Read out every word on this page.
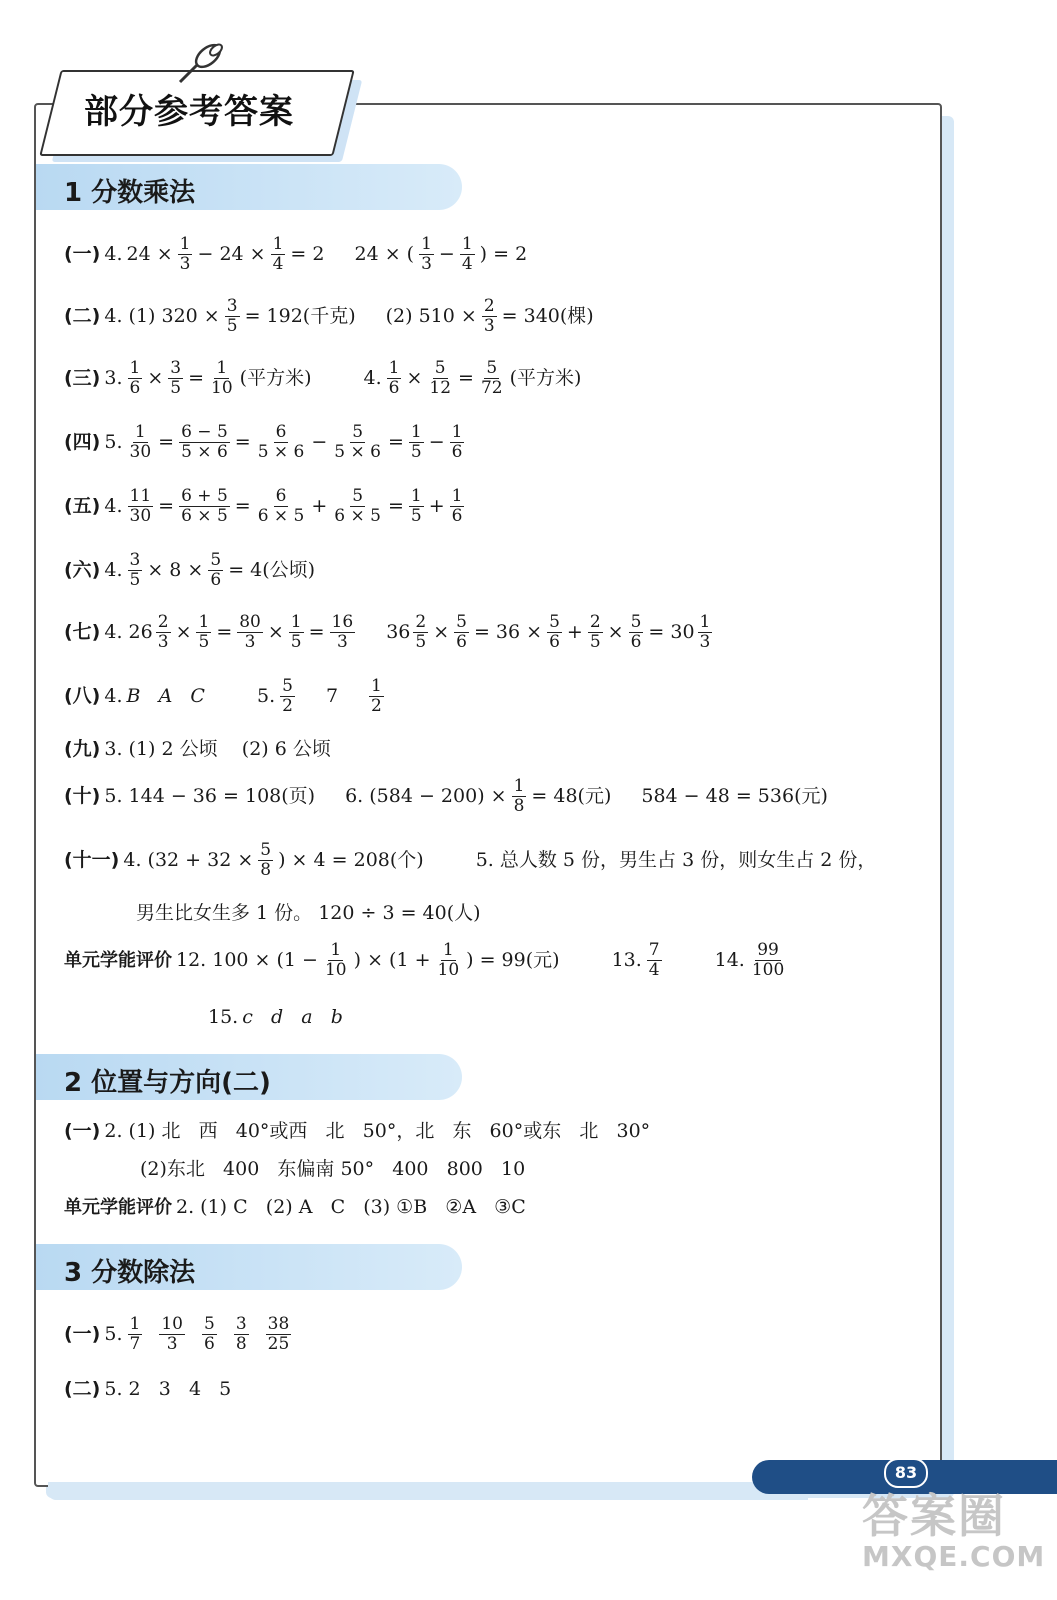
部分参考答案
1 分数乘法
(一) 4. $24 \times \frac{1}{3} - 24 \times \frac{1}{4} = 2$ 24 × ( $\frac{1}{3} - \frac{1}{4}$ ) = 2
(二) 4. (1) $320 \times \frac{3}{5} = 192$(千克) (2) $510 \times \frac{2}{3} = 340$(棵)
(三) 3. $\frac{1}{6} \times \frac{3}{5} = \frac{1}{10}$ (平方米)	4. $\frac{1}{6} \times \frac{5}{12} = \frac{5}{72}$ (平方米)
(四) 5. $\frac{1}{30} = \frac{6 - 5}{5 \times 6} = \frac{6}{5 \times 6} - \frac{5}{5 \times 6} = \frac{1}{5} - \frac{1}{6}$
(五) 4. $\frac{11}{30} = \frac{6 + 5}{6 \times 5} = \frac{6}{6 \times 5} + \frac{5}{6 \times 5} = \frac{1}{5} + \frac{1}{6}$
(六) 4. $\frac{3}{5} \times 8 \times \frac{5}{6} = 4$(公顷)
(七) 4. $26 \frac{2}{3} \times \frac{1}{5} = \frac{80}{3} \times \frac{1}{5} = \frac{16}{3} 36 \frac{2}{5} \times \frac{5}{6} = 36 \times \frac{5}{6} + \frac{2}{5} \times \frac{5}{6} = 30 \frac{1}{3}$
(八) 4. B   A   C	5. $\frac{5}{2} 7 \frac{1}{2}$
(九) 3. (1) 2 公顷    (2) 6 公顷
(十) 5. 144 − 36 = 108(页) 6. $(584 - 200) \times \frac{1}{8} = 48$(元) 584 − 48 = 536(元)
(十一) 4. ($32 + 32 \times \frac{5}{8}$ ) × 4 = 208(个)	5. 总人数 5 份，男生占 3 份，则女生占 2 份，
男生比女生多 1 份。 120 ÷ 3 = 40(人)
单元学能评价 12. $100 \times (1 - \frac{1}{10}$ ) × ($1 + \frac{1}{10}$ ) = 99(元)	13. $\frac{7}{4}$	14. $\frac{99}{100}$
15. c   d   a   b
2 位置与方向(二)
(一) 2. (1) 北   西   40°或西   北   50°，北   东   60°或东   北   30°
(2)东北   400   东偏南 50°   400   800   10
单元学能评价 2. (1) C   (2) A   C   (3) ①B   ②A   ③C
3 分数除法
(一) 5. $\frac{1}{7} \frac{10}{3} \frac{5}{6} \frac{3}{8} \frac{38}{25}$
(二) 5. 2   3   4   5
83
答案圈
MXQE.COM
